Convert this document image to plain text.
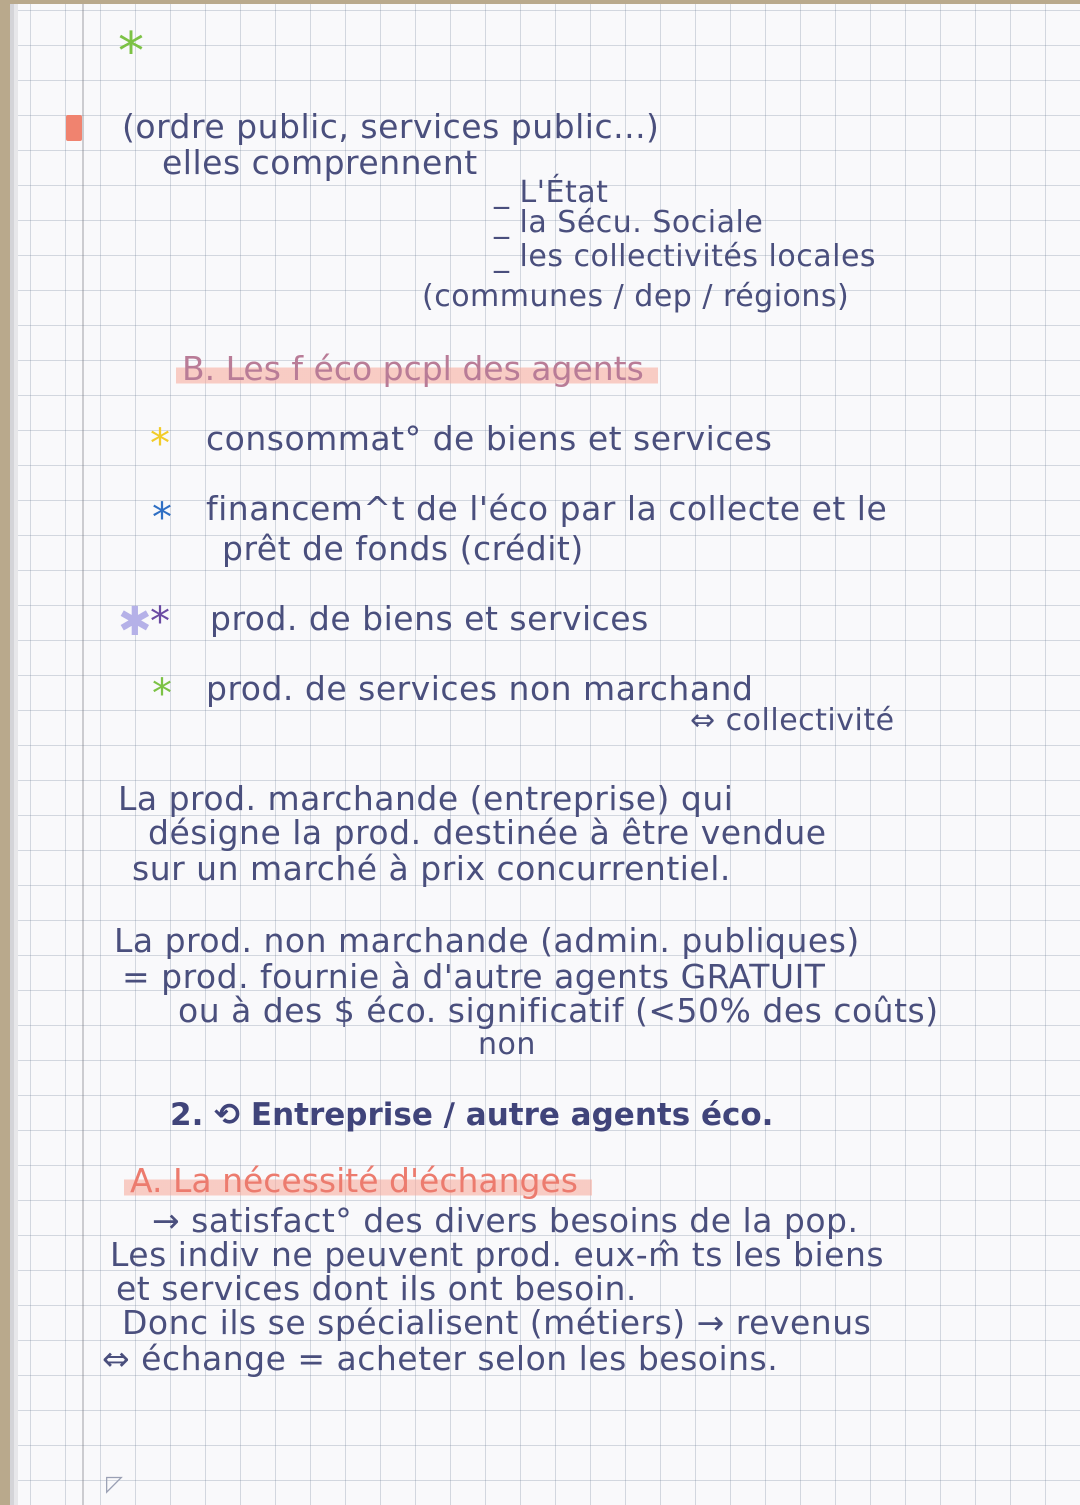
*
(ordre public, services public...)
elles comprennent
_ L'État
_ la Sécu. Sociale
_ les collectivités locales
(communes / dep / régions)
B. Les f éco pcpl des agents
* consommat° de biens et services
* financem^t de l'éco par la collecte et le
prêt de fonds (crédit)
✱
* prod. de biens et services
* prod. de services non marchand
⇔ collectivité
La prod. marchande (entreprise) qui
désigne la prod. destinée à être vendue
sur un marché à prix concurrentiel.
La prod. non marchande (admin. publiques)
= prod. fournie à d'autre agents GRATUIT
ou à des $ éco. significatif (<50% des coûts)
non
2. ⟲ Entreprise / autre agents éco.
A. La nécessité d'échanges
→ satisfact° des divers besoins de la pop.
Les indiv ne peuvent prod. eux-m̂ ts les biens
et services dont ils ont besoin.
Donc ils se spécialisent (métiers) → revenus
⇔ échange = acheter selon les besoins.
◸
